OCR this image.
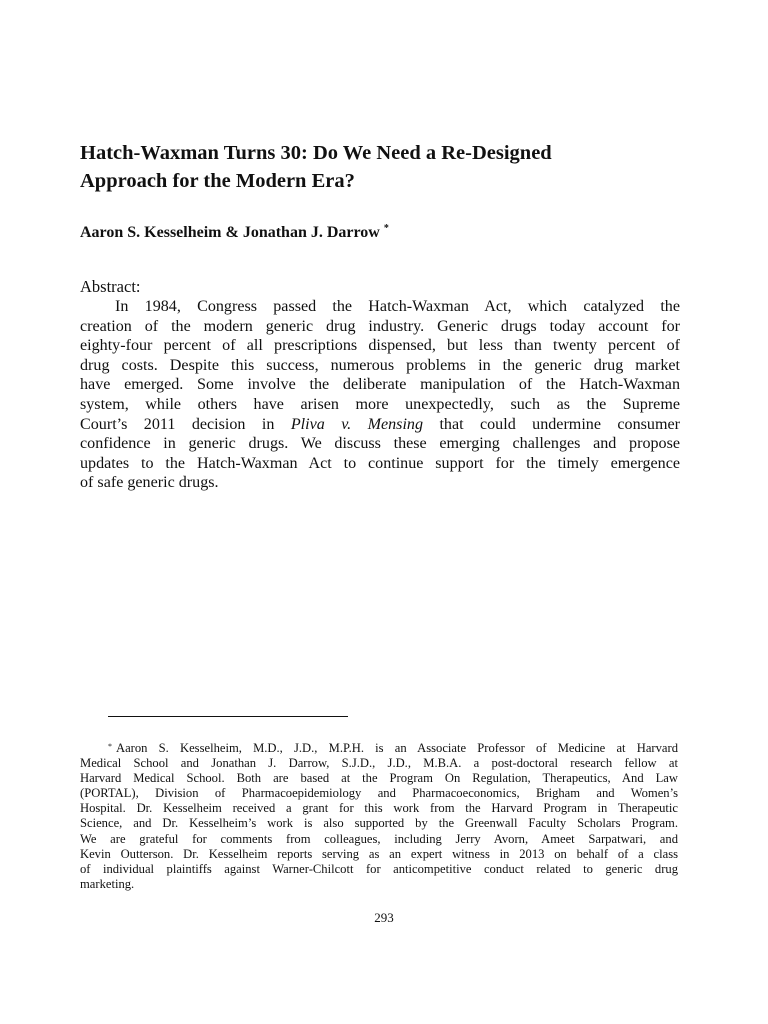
Hatch-Waxman Turns 30: Do We Need a Re-Designed
Approach for the Modern Era?

Aaron S. Kesselheim & Jonathan J. Darrow *

Abstract:

In 1984, Congress passed the Hatch-Waxman Act, which catalyzed the
creation of the modern generic drug industry. Generic drugs today account for
eighty-four percent of all prescriptions dispensed, but less than twenty percent of
drug costs. Despite this success, numerous problems in the generic drug market
have emerged. Some involve the deliberate manipulation of the Hatch-Waxman
system, while others have arisen more unexpectedly, such as the Supreme
Court’s 2011 decision in Pliva v. Mensing that could undermine consumer
confidence in generic drugs. We discuss these emerging challenges and propose
updates to the Hatch-Waxman Act to continue support for the timely emergence
of safe generic drugs.
* Aaron S. Kesselheim, M.D., J.D., M.P.H. is an Associate Professor of Medicine at Harvard
Medical School and Jonathan J. Darrow, S.J.D., J.D., M.B.A. a post-doctoral research fellow at
Harvard Medical School. Both are based at the Program On Regulation, Therapeutics, And Law
(PORTAL), Division of Pharmacoepidemiology and Pharmacoeconomics, Brigham and Women’s
Hospital. Dr. Kesselheim received a grant for this work from the Harvard Program in Therapeutic
Science, and Dr. Kesselheim’s work is also supported by the Greenwall Faculty Scholars Program.
We are grateful for comments from colleagues, including Jerry Avorn, Ameet Sarpatwari, and
Kevin Outterson. Dr. Kesselheim reports serving as an expert witness in 2013 on behalf of a class
of individual plaintiffs against Warner-Chilcott for anticompetitive conduct related to generic drug
marketing.

293
